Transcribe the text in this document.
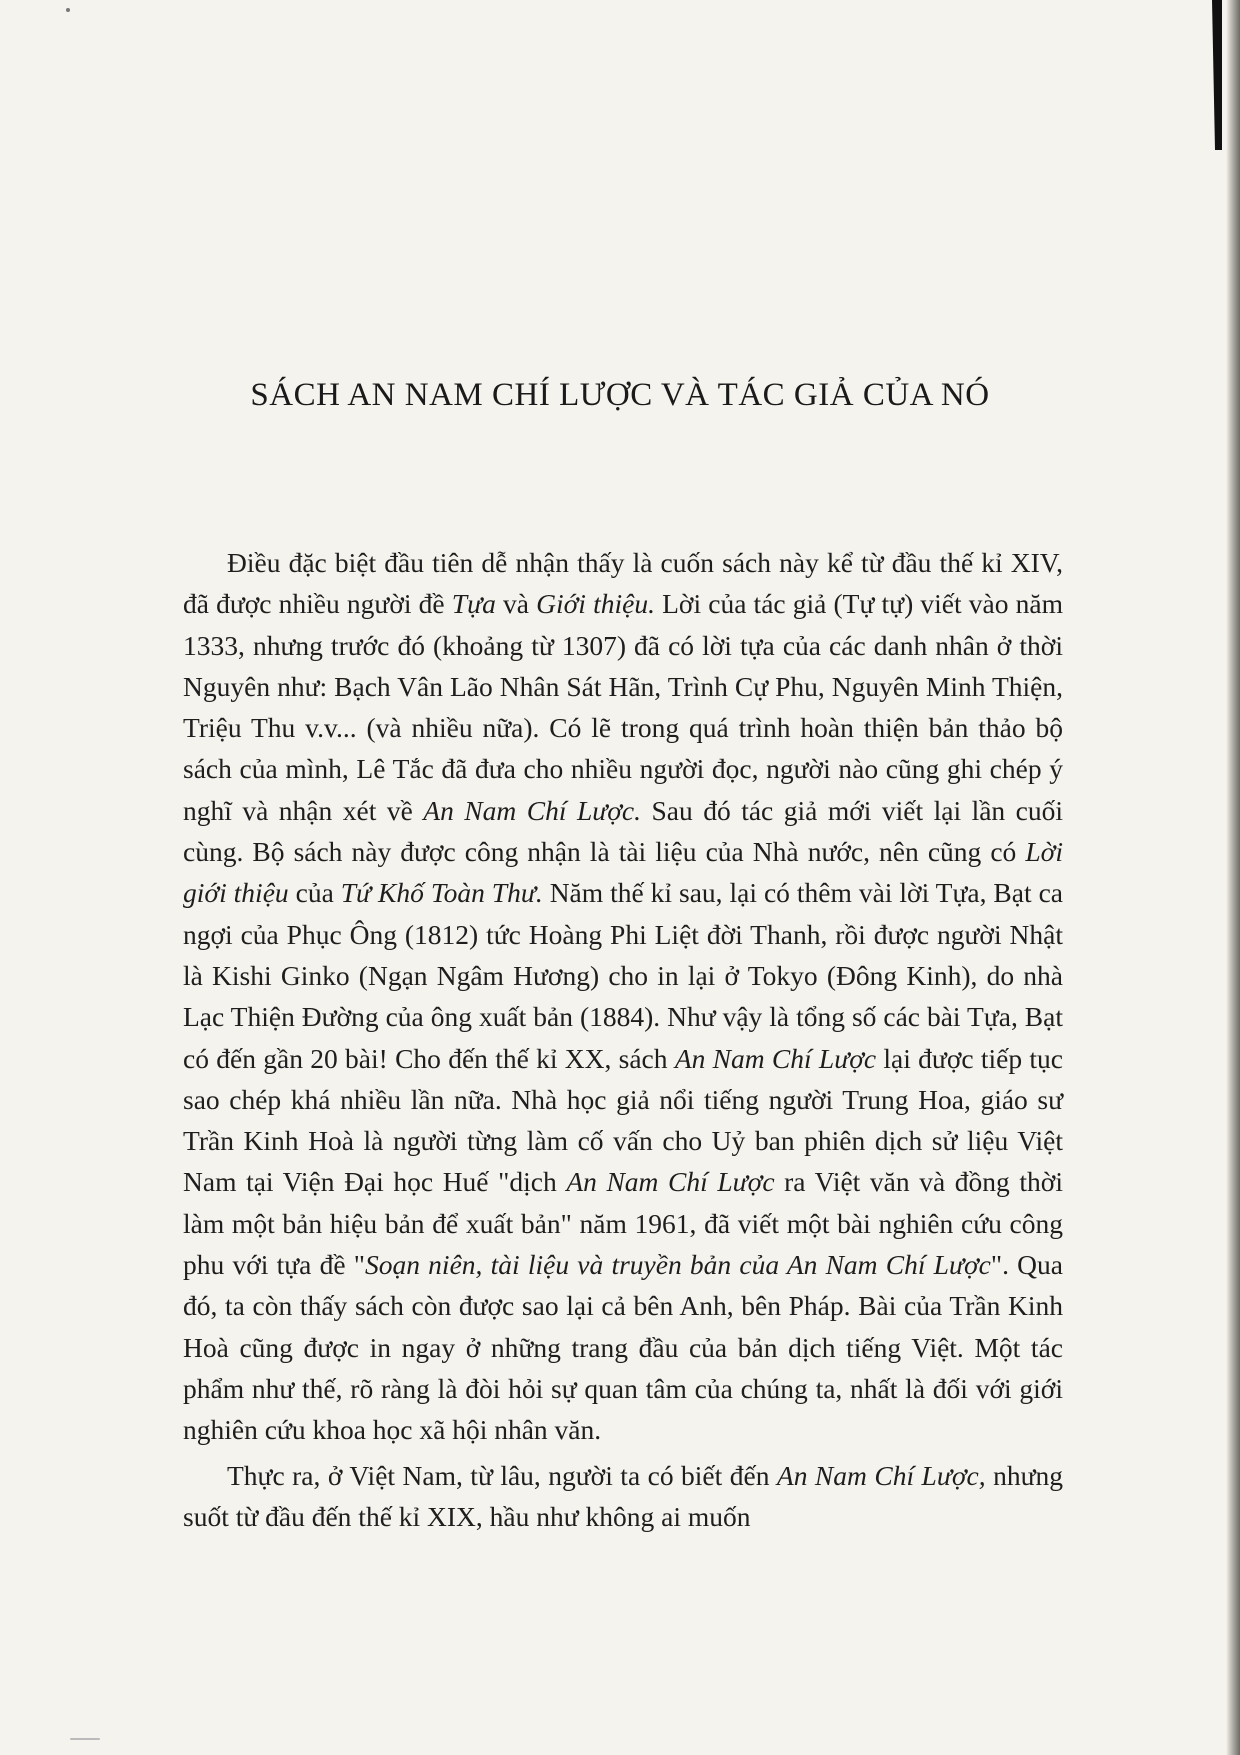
SÁCH AN NAM CHÍ LƯỢC VÀ TÁC GIẢ CỦA NÓ

Điều đặc biệt đầu tiên dễ nhận thấy là cuốn sách này kể từ đầu thế kỉ XIV, đã được nhiều người đề Tựa và Giới thiệu. Lời của tác giả (Tự tự) viết vào năm 1333, nhưng trước đó (khoảng từ 1307) đã có lời tựa của các danh nhân ở thời Nguyên như: Bạch Vân Lão Nhân Sát Hãn, Trình Cự Phu, Nguyên Minh Thiện, Triệu Thu v.v... (và nhiều nữa). Có lẽ trong quá trình hoàn thiện bản thảo bộ sách của mình, Lê Tắc đã đưa cho nhiều người đọc, người nào cũng ghi chép ý nghĩ và nhận xét về An Nam Chí Lược. Sau đó tác giả mới viết lại lần cuối cùng. Bộ sách này được công nhận là tài liệu của Nhà nước, nên cũng có Lời giới thiệu của Tứ Khố Toàn Thư. Năm thế kỉ sau, lại có thêm vài lời Tựa, Bạt ca ngợi của Phục Ông (1812) tức Hoàng Phi Liệt đời Thanh, rồi được người Nhật là Kishi Ginko (Ngạn Ngâm Hương) cho in lại ở Tokyo (Đông Kinh), do nhà Lạc Thiện Đường của ông xuất bản (1884). Như vậy là tổng số các bài Tựa, Bạt có đến gần 20 bài! Cho đến thế kỉ XX, sách An Nam Chí Lược lại được tiếp tục sao chép khá nhiều lần nữa. Nhà học giả nổi tiếng người Trung Hoa, giáo sư Trần Kinh Hoà là người từng làm cố vấn cho Uỷ ban phiên dịch sử liệu Việt Nam tại Viện Đại học Huế "dịch An Nam Chí Lược ra Việt văn và đồng thời làm một bản hiệu bản để xuất bản" năm 1961, đã viết một bài nghiên cứu công phu với tựa đề "Soạn niên, tài liệu và truyền bản của An Nam Chí Lược". Qua đó, ta còn thấy sách còn được sao lại cả bên Anh, bên Pháp. Bài của Trần Kinh Hoà cũng được in ngay ở những trang đầu của bản dịch tiếng Việt. Một tác phẩm như thế, rõ ràng là đòi hỏi sự quan tâm của chúng ta, nhất là đối với giới nghiên cứu khoa học xã hội nhân văn.

Thực ra, ở Việt Nam, từ lâu, người ta có biết đến An Nam Chí Lược, nhưng suốt từ đầu đến thế kỉ XIX, hầu như không ai muốn
